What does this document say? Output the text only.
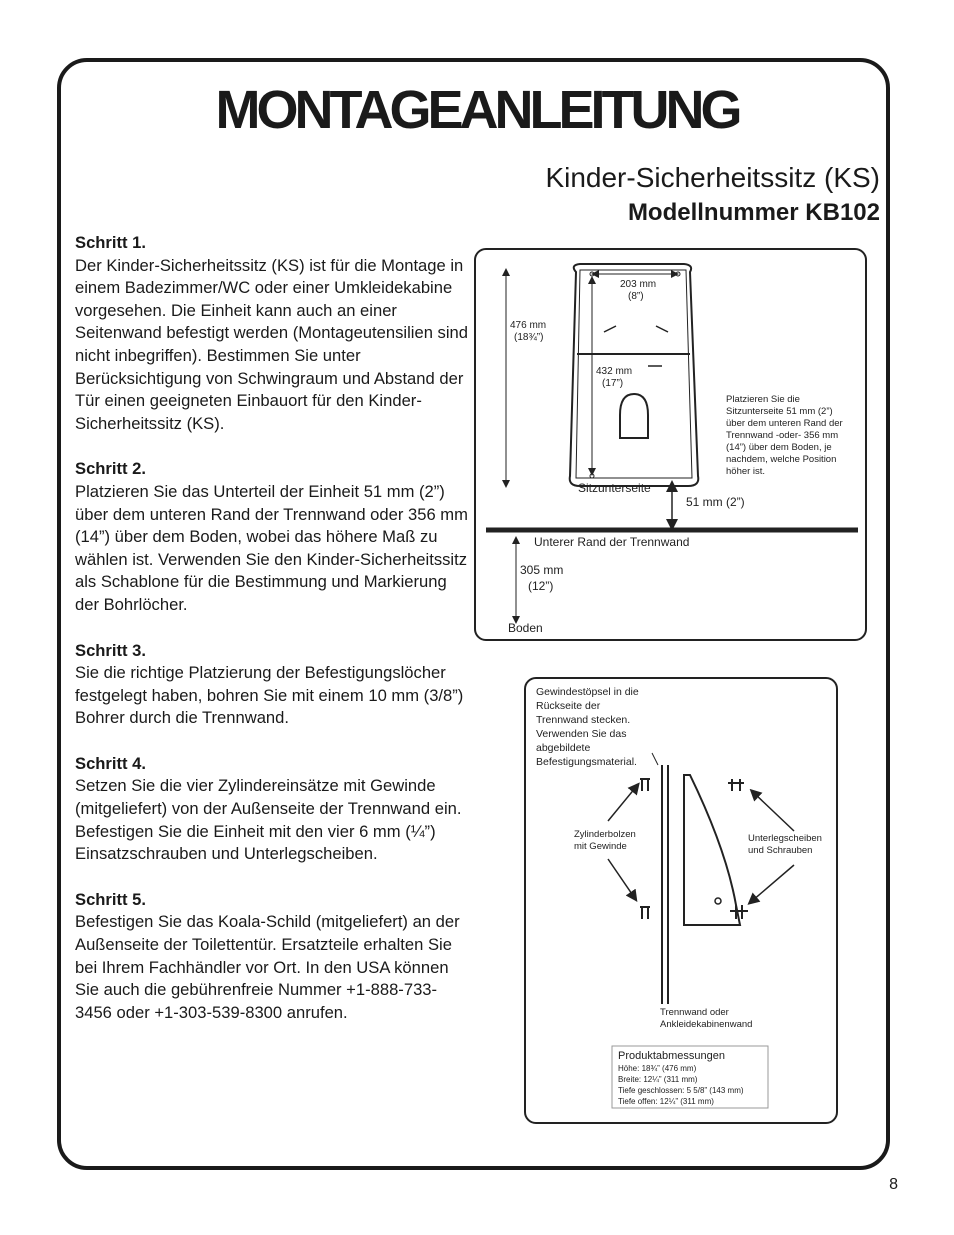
MONTAGEANLEITUNG
Kinder-Sicherheitssitz (KS)
Modellnummer KB102
Schritt 1.

Der Kinder-Sicherheitssitz (KS) ist für die Montage in einem Badezimmer/WC oder einer Umkleidekabine vorgesehen. Die Einheit kann auch an einer Seitenwand befestigt werden (Montageutensilien sind nicht inbegriffen). Bestimmen Sie unter Berücksichtigung von Schwingraum und Abstand der Tür einen geeigneten Einbauort für den Kinder-Sicherheitssitz (KS).

Schritt 2.

Platzieren Sie das Unterteil der Einheit 51 mm (2”) über dem unteren Rand der Trennwand oder 356 mm (14”) über dem Boden, wobei das höhere Maß zu wählen ist. Verwenden Sie den Kinder-Sicherheitssitz als Schablone für die Bestimmung und Markierung der Bohrlöcher.

Schritt 3.

Sie die richtige Platzierung der Befestigungslöcher festgelegt haben, bohren Sie mit einem 10 mm (3/8”) Bohrer durch die Trennwand.

Schritt 4.

Setzen Sie die vier Zylindereinsätze mit Gewinde (mitgeliefert) von der Außenseite der Trennwand ein. Befestigen Sie die Einheit mit den vier 6 mm (¼”) Einsatzschrauben und Unterlegscheiben.

Schritt 5.

Befestigen Sie das Koala-Schild (mitgeliefert) an der Außenseite der Toilettentür. Ersatzteile erhalten Sie bei Ihrem Fachhändler vor Ort. In den USA können Sie auch die gebührenfreie Nummer +1-888-733-3456 oder +1-303-539-8300 anrufen.

203 mm
(8”)
476 mm
(18¾”)
432 mm
(17”)
Platzieren Sie die Sitzunterseite 51 mm (2”) über dem unteren Rand der Trennwand -oder- 356 mm (14”) über dem Boden, je nachdem, welche Position höher ist.
Sitzunterseite
51 mm (2”)
Unterer Rand der Trennwand
305 mm
(12”)
Boden
Gewindestöpsel in die Rückseite der Trennwand stecken. Verwenden Sie das abgebildete Befestigungsmaterial.
Zylinderbolzen mit Gewinde
Unterlegscheiben und Schrauben
Trennwand oder Ankleidekabinenwand
Produktabmessungen
Höhe: 18¾” (476 mm) Breite: 12¼” (311 mm) Tiefe geschlossen: 5 5/8” (143 mm) Tiefe offen: 12¼” (311 mm)
8
